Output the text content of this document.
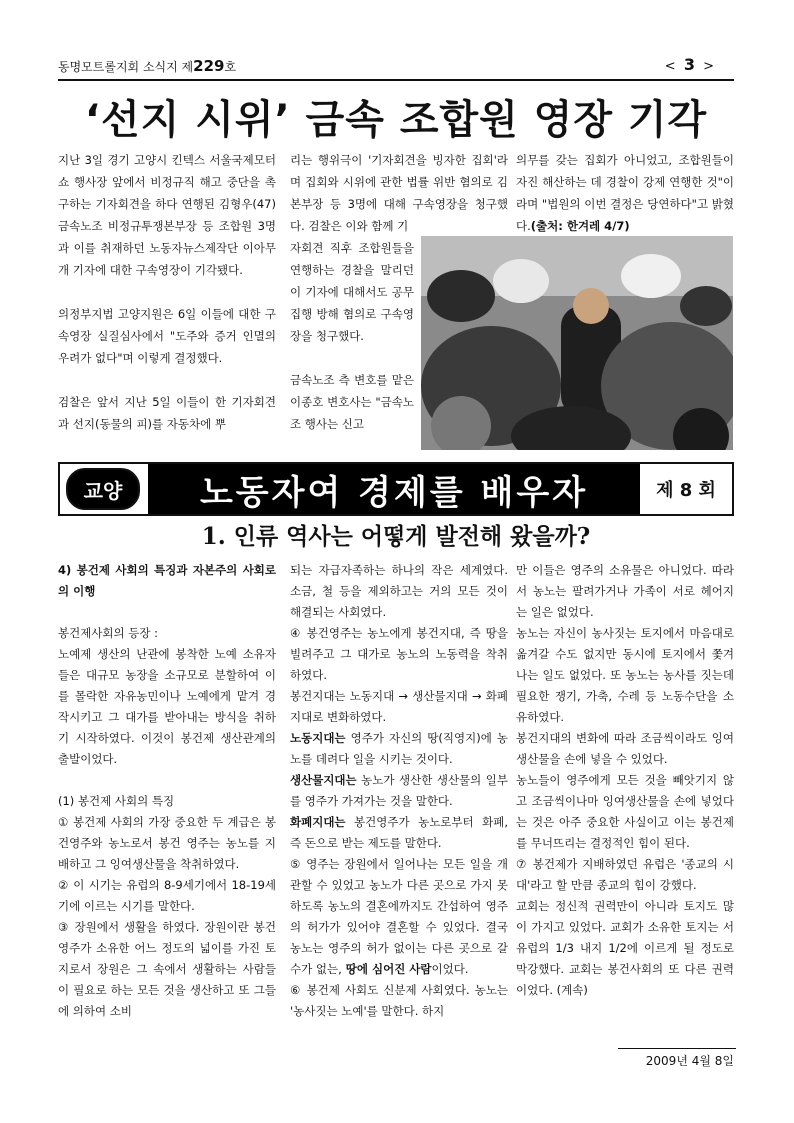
동명모트롤지회 소식지 제229호	< 3 >
‘선지 시위’ 금속 조합원 영장 기각

지난 3일 경기 고양시 킨텍스 서울국제모터쇼 행사장 앞에서 비정규직 해고 중단을 촉구하는 기자회견을 하다 연행된 김형우(47) 금속노조 비정규투쟁본부장 등 조합원 3명과 이를 취재하던 노동자뉴스제작단 이아무개 기자에 대한 구속영장이 기각됐다.

의정부지법 고양지원은 6일 이들에 대한 구속영장 실질심사에서 "도주와 증거 인멸의 우려가 없다"며 이렇게 결정했다.

검찰은 앞서 지난 5일 이들이 한 기자회견과 선지(동물의 피)를 자동차에 뿌

리는 행위극이 '기자회견을 빙자한 집회'라며 집회와 시위에 관한 법률 위반 혐의로 김 본부장 등 3명에 대해 구속영장을 청구했다. 검찰은 이와 함께 기

자회견 직후 조합원들을 연행하는 경찰을 말리던 이 기자에 대해서도 공무집행 방해 혐의로 구속영장을 청구했다.

금속노조 측 변호를 맡은 이종호 변호사는 "금속노조 행사는 신고

의무를 갖는 집회가 아니었고, 조합원들이 자진 해산하는 데 경찰이 강제 연행한 것"이라며 "법원의 이번 결정은 당연하다"고 밝혔다.(출처: 한겨레 4/7)
교양	노동자여 경제를 배우자	제 8 회
1. 인류 역사는 어떻게 발전해 왔을까?

4) 봉건제 사회의 특징과 자본주의 사회로의 이행

봉건제사회의 등장 :

노예제 생산의 난관에 봉착한 노예 소유자들은 대규모 농장을 소규모로 분할하여 이를 몰락한 자유농민이나 노예에게 맡겨 경작시키고 그 대가를 받아내는 방식을 취하기 시작하였다. 이것이 봉건제 생산관계의 출발이었다.

(1) 봉건제 사회의 특징

① 봉건제 사회의 가장 중요한 두 계급은 봉건영주와 농노로서 봉건 영주는 농노를 지배하고 그 잉여생산물을 착취하였다.

② 이 시기는 유럽의 8-9세기에서 18-19세기에 이르는 시기를 말한다.

③ 장원에서 생활을 하였다. 장원이란 봉건 영주가 소유한 어느 정도의 넓이를 가진 토지로서 장원은 그 속에서 생활하는 사람들이 필요로 하는 모든 것을 생산하고 또 그들에 의하여 소비

되는 자급자족하는 하나의 작은 세계였다. 소금, 철 등을 제외하고는 거의 모든 것이 해결되는 사회였다.

④ 봉건영주는 농노에게 봉건지대, 즉 땅을 빌려주고 그 대가로 농노의 노동력을 착취하였다.

봉건지대는 노동지대 → 생산물지대 → 화폐지대로 변화하였다.

노동지대는 영주가 자신의 땅(직영지)에 농노를 데려다 일을 시키는 것이다.

생산물지대는 농노가 생산한 생산물의 일부를 영주가 가져가는 것을 말한다.

화폐지대는 봉건영주가 농노로부터 화폐, 즉 돈으로 받는 제도를 말한다.

⑤ 영주는 장원에서 일어나는 모든 일을 개관할 수 있었고 농노가 다른 곳으로 가지 못하도록 농노의 결혼에까지도 간섭하여 영주의 허가가 있어야 결혼할 수 있었다. 결국 농노는 영주의 허가 없이는 다른 곳으로 갈 수가 없는, 땅에 심어진 사람이었다.

⑥ 봉건제 사회도 신분제 사회였다. 농노는 '농사짓는 노예'를 말한다. 하지

만 이들은 영주의 소유물은 아니었다. 따라서 농노는 팔려가거나 가족이 서로 헤어지는 일은 없었다.

농노는 자신이 농사짓는 토지에서 마음대로 옮겨갈 수도 없지만 동시에 토지에서 쫓겨나는 일도 없었다. 또 농노는 농사를 짓는데 필요한 쟁기, 가축, 수레 등 노동수단을 소유하였다.

봉건지대의 변화에 따라 조금씩이라도 잉여 생산물을 손에 넣을 수 있었다.

농노들이 영주에게 모든 것을 빼앗기지 않고 조금씩이나마 잉여생산물을 손에 넣었다는 것은 아주 중요한 사실이고 이는 봉건제를 무너뜨리는 결정적인 힘이 된다.

⑦ 봉건제가 지배하였던 유럽은 '종교의 시대'라고 할 만큼 종교의 힘이 강했다.

교회는 정신적 권력만이 아니라 토지도 많이 가지고 있었다. 교회가 소유한 토지는 서유럽의 1/3 내지 1/2에 이르게 될 정도로 막강했다. 교회는 봉건사회의 또 다른 권력이었다. (계속)

2009년 4월 8일
